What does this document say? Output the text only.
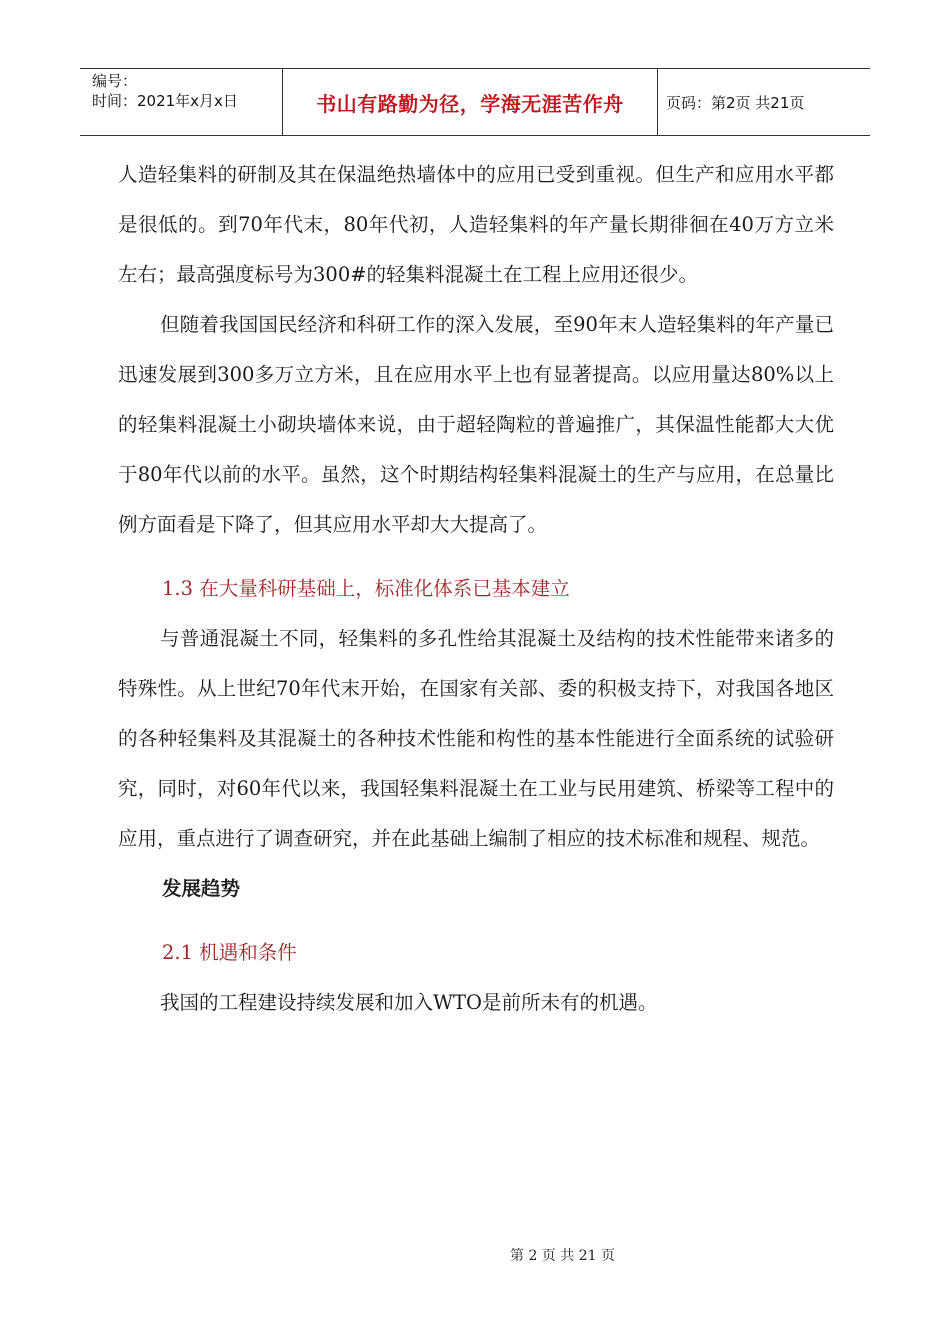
编号：
时间：2021年x月x日	书山有路勤为径，学海无涯苦作舟	页码：第2页 共21页

人造轻集料的研制及其在保温绝热墙体中的应用已受到重视。但生产和应用水平都是很低的。到70年代末，80年代初，人造轻集料的年产量长期徘徊在40万方立米左右；最高强度标号为300#的轻集料混凝土在工程上应用还很少。

但随着我国国民经济和科研工作的深入发展，至90年末人造轻集料的年产量已迅速发展到300多万立方米，且在应用水平上也有显著提高。以应用量达80%以上的轻集料混凝土小砌块墙体来说，由于超轻陶粒的普遍推广，其保温性能都大大优于80年代以前的水平。虽然，这个时期结构轻集料混凝土的生产与应用，在总量比例方面看是下降了，但其应用水平却大大提高了。

1.3 在大量科研基础上，标准化体系已基本建立

与普通混凝土不同，轻集料的多孔性给其混凝土及结构的技术性能带来诸多的特殊性。从上世纪70年代末开始，在国家有关部、委的积极支持下，对我国各地区的各种轻集料及其混凝土的各种技术性能和构性的基本性能进行全面系统的试验研究，同时，对60年代以来，我国轻集料混凝土在工业与民用建筑、桥梁等工程中的应用，重点进行了调查研究，并在此基础上编制了相应的技术标准和规程、规范。

发展趋势

2.1 机遇和条件

我国的工程建设持续发展和加入WTO是前所未有的机遇。

第 2 页 共 21 页
